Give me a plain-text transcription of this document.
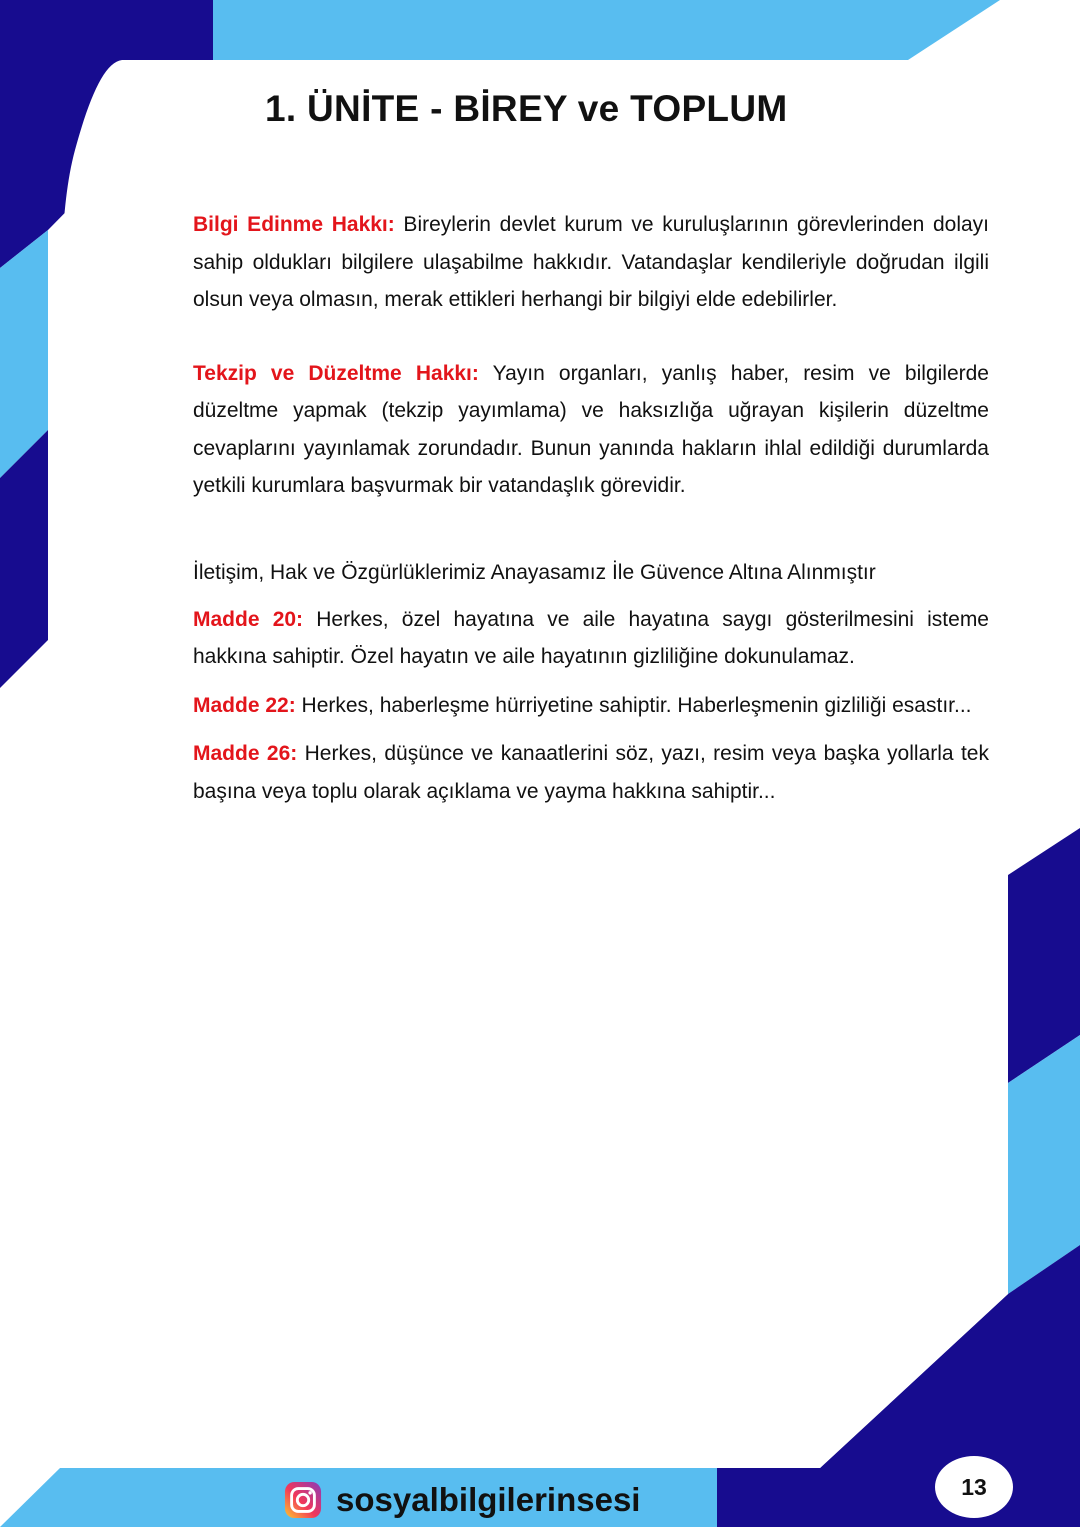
1. ÜNİTE - BİREY ve TOPLUM

Bilgi Edinme Hakkı: Bireylerin devlet kurum ve kuruluşlarının görevlerinden dolayı sahip oldukları bilgilere ulaşabilme hakkıdır. Vatandaşlar kendileriyle doğrudan ilgili olsun veya olmasın, merak ettikleri herhangi bir bilgiyi elde edebilirler.

Tekzip ve Düzeltme Hakkı: Yayın organları, yanlış haber, resim ve bilgilerde düzeltme yapmak (tekzip yayımlama) ve haksızlığa uğrayan kişilerin düzeltme cevaplarını yayınlamak zorundadır. Bunun yanında hakların ihlal edildiği durumlarda yetkili kurumlara başvurmak bir vatandaşlık görevidir.

İletişim, Hak ve Özgürlüklerimiz Anayasamız İle Güvence Altına Alınmıştır

Madde 20: Herkes, özel hayatına ve aile hayatına saygı gösterilmesini isteme hakkına sahiptir. Özel hayatın ve aile hayatının gizliliğine dokunulamaz.

Madde 22: Herkes, haberleşme hürriyetine sahiptir. Haberleşmenin gizliliği esastır...

Madde 26: Herkes, düşünce ve kanaatlerini söz, yazı, resim veya başka yollarla tek başına veya toplu olarak açıklama ve yayma hakkına sahiptir...

sosyalbilgilerinsesi	13
